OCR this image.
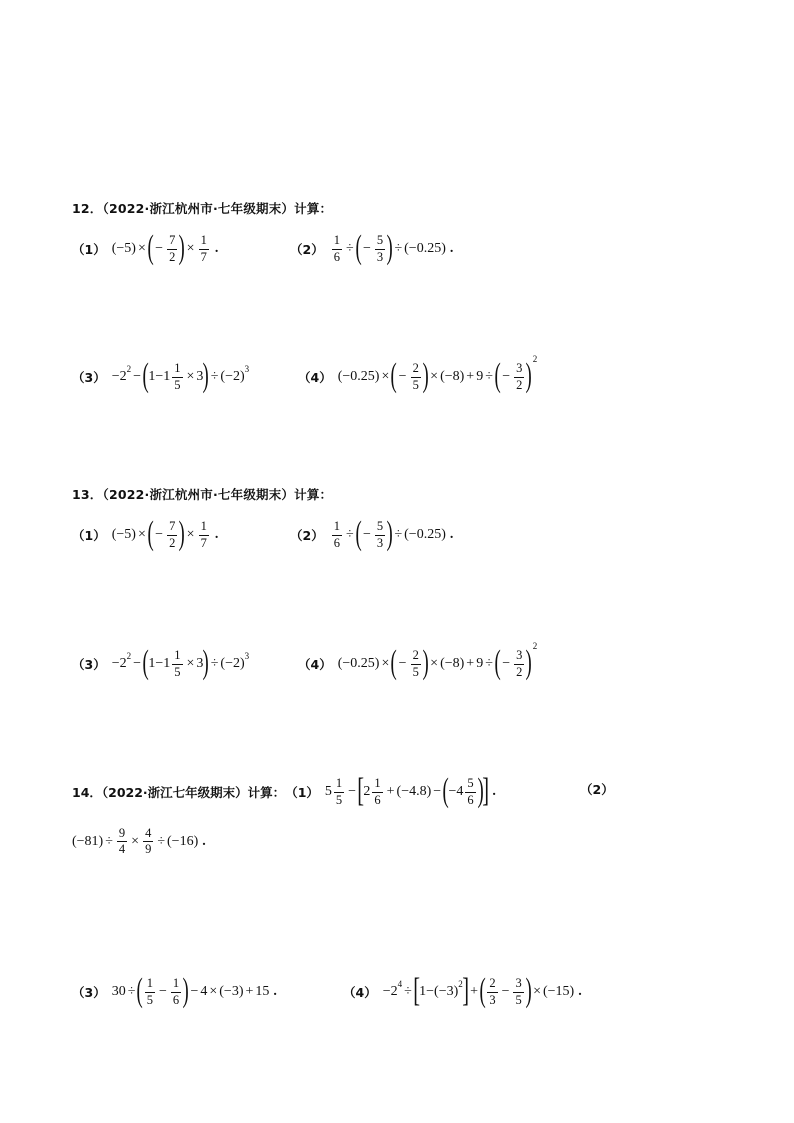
12．（2022·浙江杭州市·七年级期末）计算：
（1） (−5) × ( − $\frac{7}{2}$ ) × $\frac{1}{7}$ .	$(2) \frac{1}{6}$ ÷ ( − $\frac{5}{3}$ ) ÷ (−0.25) .
$(3) -2^2$ − ( $1- 1 \frac{1}{5} \times 3$ ) ÷ $(-2)^3$
（4） (−0.25) × ( − $\frac{2}{5}$ ) × (−8) + 9 ÷ ( − $\frac{3}{2}$ ) 2
13．（2022·浙江杭州市·七年级期末）计算：
（1） (−5) × ( − $\frac{7}{2}$ ) × $\frac{1}{7}$ .	$(2) \frac{1}{6}$ ÷ ( − $\frac{5}{3}$ ) ÷ (−0.25) .
$(3) -2^2$ − ( $1- 1 \frac{1}{5} \times 3$ ) ÷ $(-2)^3$
（4） (−0.25) × ( − $\frac{2}{5}$ ) × (−8) + 9 ÷ ( − $\frac{3}{2}$ ) 2
14．（2022·浙江七年级期末）计算： （1） $5 \frac{1}{5}$ − [ $2 \frac{1}{6} + (-4.8)$ − ( $-4 \frac{5}{6}$ )
] .	（2）
$(-81) \div \frac{9}{4} \times \frac{4}{9} \div (-16)$ .
（3） 30 ÷ ( $\frac{1}{5} - \frac{1}{6}$ ) − 4 × (−3) + 15 .	$(4) -2^4$ ÷ [ $1- (-3)^2$ ] + ( $\frac{2}{3} - \frac{3}{5}$ ) × (−15) .
